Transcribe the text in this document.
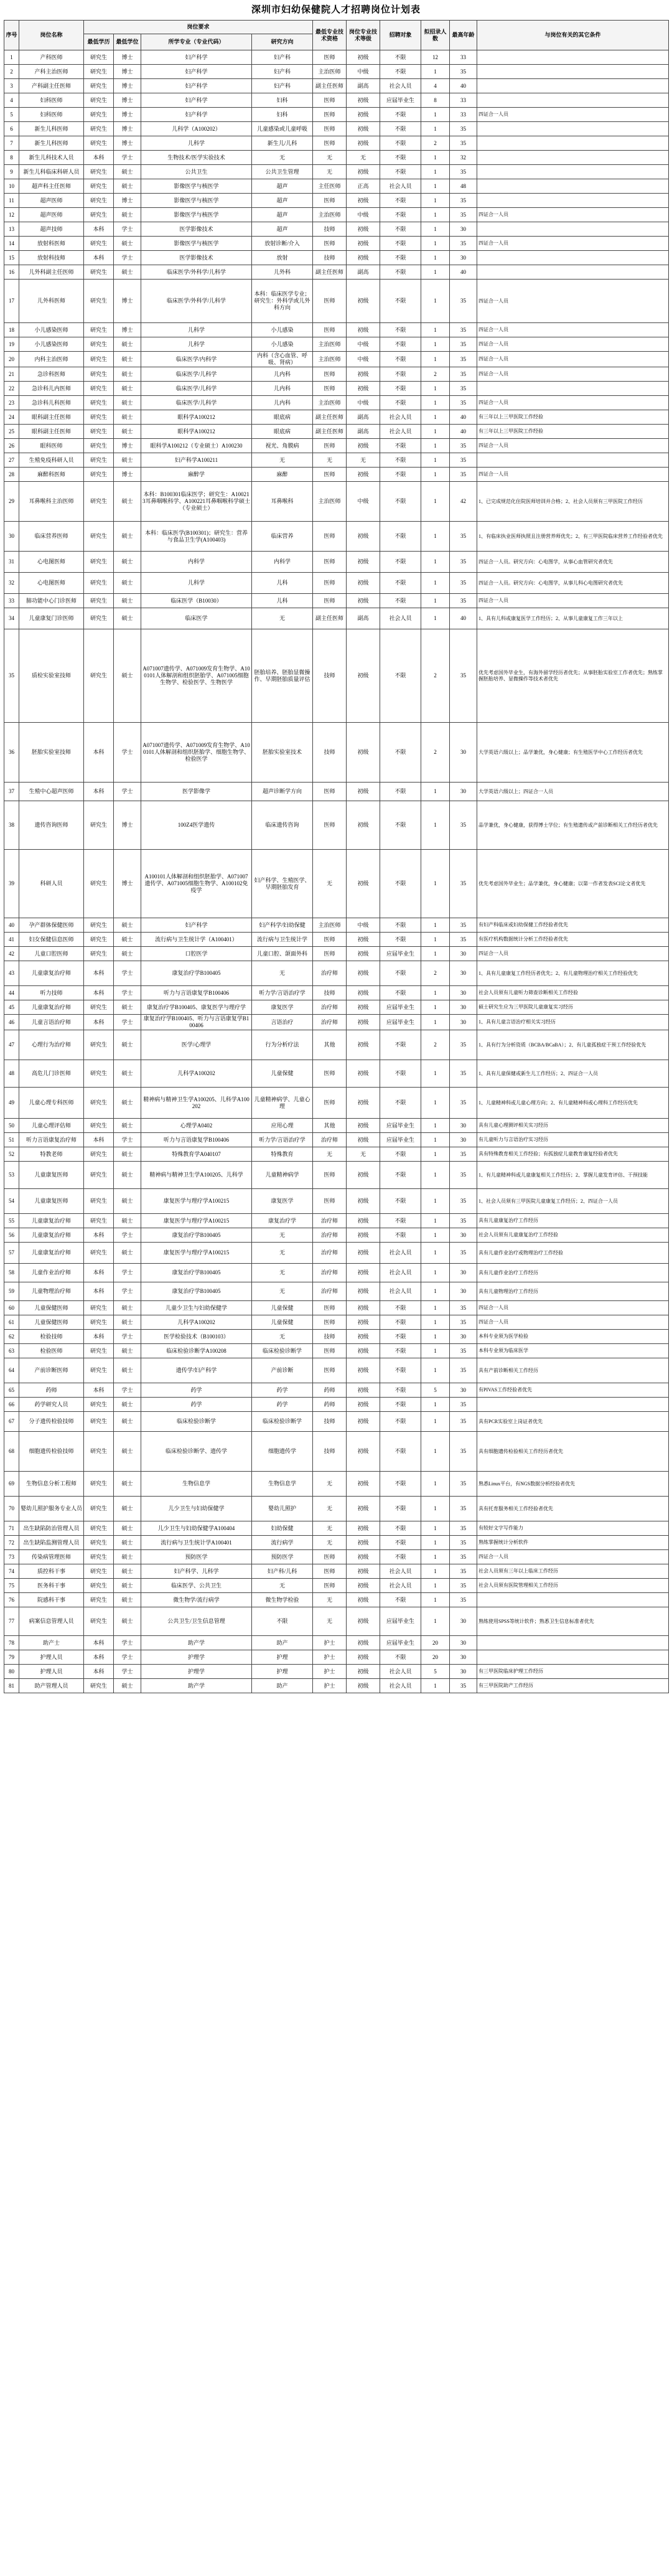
深圳市妇幼保健院人才招聘岗位计划表
序号	岗位名称	岗位要求				最低专业技术资格	岗位专业技术等级	招聘对象	拟招录人数	最高年龄	与岗位有关的其它条件
		最低学历	最低学位	所学专业（专业代码）	研究方向						
1	产科医师	研究生	博士	妇产科学	妇产科	医师	初级	不限	12	33	
2	产科主治医师	研究生	博士	妇产科学	妇产科	主治医师	中级	不限	1	35	
3	产科副主任医师	研究生	博士	妇产科学	妇产科	副主任医师	副高	社会人员	4	40	
4	妇科医师	研究生	博士	妇产科学	妇科	医师	初级	应届毕业生	8	33	
5	妇科医师	研究生	博士	妇产科学	妇科	医师	初级	不限	1	33	四证合一人员
6	新生儿科医师	研究生	博士	儿科学（A100202）	儿童感染或儿童呼吸	医师	初级	不限	1	35	
7	新生儿科医师	研究生	博士	儿科学	新生儿/儿科	医师	初级	不限	2	35	
8	新生儿科技术人员	本科	学士	生物技术/医学实验技术	无	无	无	不限	1	32	
9	新生儿科临床科研人员	研究生	硕士	公共卫生	公共卫生管理	无	初级	不限	1	35	
10	超声科主任医师	研究生	硕士	影像医学与核医学	超声	主任医师	正高	社会人员	1	48	
11	超声医师	研究生	博士	影像医学与核医学	超声	医师	初级	不限	1	35	
12	超声医师	研究生	硕士	影像医学与核医学	超声	主治医师	中级	不限	1	35	四证合一人员
13	超声技师	本科	学士	医学影像技术	超声	技师	初级	不限	1	30	
14	放射科医师	研究生	硕士	影像医学与核医学	放射诊断/介入	医师	初级	不限	1	35	四证合一人员
15	放射科技师	本科	学士	医学影像技术	放射	技师	初级	不限	1	30	
16	儿外科副主任医师	研究生	硕士	临床医学/外科学/儿科学	儿外科	副主任医师	副高	不限	1	40	
17	儿外科医师	研究生	博士	临床医学/外科学/儿科学	本科：临床医学专业；研究生：外科学或儿外科方向	医师	初级	不限	1	35	四证合一人员
18	小儿感染医师	研究生	博士	儿科学	小儿感染	医师	初级	不限	1	35	四证合一人员
19	小儿感染医师	研究生	硕士	儿科学	小儿感染	主治医师	中级	不限	1	35	四证合一人员
20	内科主治医师	研究生	硕士	临床医学/内科学	内科（含心血管、呼吸、肾病）	主治医师	中级	不限	1	35	四证合一人员
21	急诊科医师	研究生	硕士	临床医学/儿科学	儿内科	医师	初级	不限	2	35	四证合一人员
22	急诊科儿内医师	研究生	硕士	临床医学/儿科学	儿内科	医师	初级	不限	1	35	
23	急诊科儿科医师	研究生	硕士	临床医学/儿科学	儿内科	主治医师	中级	不限	1	35	四证合一人员
24	眼科副主任医师	研究生	硕士	眼科学A100212	眼底病	副主任医师	副高	社会人员	1	40	有三年以上三甲医院工作经验
25	眼科副主任医师	研究生	硕士	眼科学A100212	眼底病	副主任医师	副高	社会人员	1	40	有三年以上三甲医院工作经验
26	眼科医师	研究生	博士	眼科学A100212（专业硕士）A100230	视光、角膜病	医师	初级	不限	1	35	四证合一人员
27	生殖免疫科研人员	研究生	硕士	妇产科学A100211	无	无	无	不限	1	35	
28	麻醉科医师	研究生	博士	麻醉学	麻醉	医师	初级	不限	1	35	四证合一人员
29	耳鼻喉科主治医师	研究生	硕士	本科：B100301临床医学；研究生：A100213耳鼻咽喉科学、A100221耳鼻咽喉科学硕士（专业硕士）	耳鼻喉科	主治医师	中级	不限	1	42	1、已完成规范化住院医师培训并合格；2、社会人员须有三甲医院工作经历
30	临床营养医师	研究生	硕士	本科：临床医学(B100301)；研究生：营养与食品卫生学(A100403)	临床营养	医师	初级	不限	1	35	1、有临床执业医师执照且注册营养师优先；2、有三甲医院临床营养工作经验者优先
31	心电图医师	研究生	硕士	内科学	内科学	医师	初级	不限	1	35	四证合一人员。研究方向：心电图学，从事心血管研究者优先
32	心电图医师	研究生	硕士	儿科学	儿科	医师	初级	不限	1	35	四证合一人员。研究方向：心电图学，从事儿科心电图研究者优先
33	肺功能中心门诊医师	研究生	硕士	临床医学（B10030）	儿科	医师	初级	不限	1	35	四证合一人员
34	儿童康复门诊医师	研究生	硕士	临床医学	无	副主任医师	副高	社会人员	1	40	1、具有儿科或康复医学工作经历；2、从事儿童康复工作三年以上
35	质检实验室技师	研究生	硕士	A071007遗传学、A071009发育生物学、A100101人体解剖和组织胚胎学、A071005细胞生物学、检验医学、生物医学	胚胎培养、胚胎显微操作、早期胚胎质量评估	技师	初级	不限	2	35	优先考虑国外毕业生，有海外留学经历者优先；从事胚胎实验室工作者优先；熟练掌握胚胎培养、显微操作等技术者优先
36	胚胎实验室技师	本科	学士	A071007遗传学、A071009发育生物学、A100101人体解剖和组织胚胎学、细胞生物学、检验医学	胚胎实验室技术	技师	初级	不限	2	30	大学英语六级以上；品学兼优，身心健康；有生殖医学中心工作经历者优先
37	生殖中心超声医师	本科	学士	医学影像学	超声诊断学方向	医师	初级	不限	1	30	大学英语六级以上；四证合一人员
38	遗传咨询医师	研究生	博士	100Z4医学遗传	临床遗传咨询	医师	初级	不限	1	35	品学兼优，身心健康，获得博士学位；有生殖遗传或产前诊断相关工作经历者优先
39	科研人员	研究生	博士	A100101人体解剖和组织胚胎学、A071007遗传学、A071005细胞生物学、A100102免疫学	妇产科学、生殖医学、早期胚胎发育	无	初级	不限	1	35	优先考虑国外毕业生；品学兼优，身心健康；以第一作者发表SCI论文者优先
40	孕产群体保健医师	研究生	硕士	妇产科学	妇产科学/妇幼保健	主治医师	中级	不限	1	35	有妇产科临床或妇幼保健工作经验者优先
41	妇女保健信息医师	研究生	硕士	流行病与卫生统计学（A100401）	流行病与卫生统计学	医师	初级	不限	1	35	有医疗机构数据统计分析工作经验者优先
42	儿童口腔医师	研究生	硕士	口腔医学	儿童口腔、颌面外科	医师	初级	应届毕业生	1	30	四证合一人员
43	儿童康复治疗师	本科	学士	康复治疗学B100405	无	治疗师	初级	不限	2	30	1、具有儿童康复工作经历者优先；2、有儿童物理治疗相关工作经验优先
44	听力技师	本科	学士	听力与言语康复学B100406	听力学/言语治疗学	技师	初级	不限	1	30	社会人员须有儿童听力筛查诊断相关工作经验
45	儿童康复治疗师	研究生	硕士	康复治疗学B100405、康复医学与理疗学	康复医学	治疗师	初级	应届毕业生	1	30	硕士研究生应为三甲医院儿童康复实习经历
46	儿童言语治疗师	本科	学士	康复治疗学B100405、听力与言语康复学B100406	言语治疗	治疗师	初级	应届毕业生	1	30	1、具有儿童言语治疗相关实习经历
47	心理行为治疗师	研究生	硕士	医学/心理学	行为分析疗法	其他	初级	不限	2	35	1、具有行为分析资质（BCBA/BCaBA）；2、有儿童孤独症干预工作经验优先
48	高危儿门诊医师	研究生	硕士	儿科学A100202	儿童保健	医师	初级	不限	1	35	1、具有儿童保健或新生儿工作经历；2、四证合一人员
49	儿童心理专科医师	研究生	硕士	精神病与精神卫生学A100205、儿科学A100202	儿童精神病学、儿童心理	医师	初级	不限	1	35	1、儿童精神科或儿童心理方向；2、有儿童精神科或心理科工作经历优先
50	儿童心理评估师	研究生	硕士	心理学A0402	应用心理	其他	初级	应届毕业生	1	30	具有儿童心理测评相关实习经历
51	听力言语康复治疗师	本科	学士	听力与言语康复学B100406	听力学/言语治疗学	治疗师	初级	应届毕业生	1	30	有儿童听力与言语治疗实习经历
52	特教老师	研究生	硕士	特殊教育学A040107	特殊教育	无	无	不限	1	35	具有特殊教育相关工作经验；有孤独症儿童教育康复经验者优先
53	儿童康复医师	研究生	硕士	精神病与精神卫生学A100205、儿科学	儿童精神病学	医师	初级	不限	1	35	1、有儿童精神科或儿童康复相关工作经历；2、掌握儿童发育评估、干预技能
54	儿童康复医师	研究生	硕士	康复医学与理疗学A100215	康复医学	医师	初级	不限	1	35	1、社会人员须有三甲医院儿童康复工作经历；2、四证合一人员
55	儿童康复治疗师	研究生	硕士	康复医学与理疗学A100215	康复治疗学	治疗师	初级	不限	1	35	具有儿童康复治疗工作经历
56	儿童康复治疗师	本科	学士	康复治疗学B100405	无	治疗师	初级	不限	1	30	社会人员须有儿童康复治疗工作经验
57	儿童康复治疗师	研究生	硕士	康复医学与理疗学A100215	无	治疗师	初级	社会人员	1	35	具有儿童作业治疗或物理治疗工作经验
58	儿童作业治疗师	本科	学士	康复治疗学B100405	无	治疗师	初级	社会人员	1	30	具有儿童作业治疗工作经历
59	儿童物理治疗师	本科	学士	康复治疗学B100405	无	治疗师	初级	社会人员	1	30	具有儿童物理治疗工作经历
60	儿童保健医师	研究生	硕士	儿童少卫生与妇幼保健学	儿童保健	医师	初级	不限	1	35	四证合一人员
61	儿童保健医师	研究生	硕士	儿科学A100202	儿童保健	医师	初级	不限	1	35	四证合一人员
62	检验技师	本科	学士	医学检验技术（B100103）	无	技师	初级	不限	1	30	本科专业须为医学检验
63	检验医师	研究生	硕士	临床检验诊断学A100208	临床检验诊断学	医师	初级	不限	1	35	本科专业须为临床医学
64	产前诊断医师	研究生	硕士	遗传学/妇产科学	产前诊断	医师	初级	不限	1	35	具有产前诊断相关工作经历
65	药师	本科	学士	药学	药学	药师	初级	不限	5	30	有PIVAS工作经验者优先
66	药学研究人员	研究生	硕士	药学	药学	药师	初级	不限	1	35	
67	分子遗传检验技师	研究生	硕士	临床检验诊断学	临床检验诊断学	技师	初级	不限	1	35	具有PCR实验室上岗证者优先
68	细胞遗传检验技师	研究生	硕士	临床检验诊断学、遗传学	细胞遗传学	技师	初级	不限	1	35	具有细胞遗传检验相关工作经历者优先
69	生物信息分析工程师	研究生	硕士	生物信息学	生物信息学	无	初级	不限	1	35	熟悉Linux平台，有NGS数据分析经验者优先
70	婴幼儿照护服务专业人员	研究生	硕士	儿少卫生与妇幼保健学	婴幼儿照护	无	初级	不限	1	35	具有托育服务相关工作经验者优先
71	出生缺陷防治管理人员	研究生	硕士	儿少卫生与妇幼保健学A100404	妇幼保健	无	初级	不限	1	35	有较好文字写作能力
72	出生缺陷监测管理人员	研究生	硕士	流行病与卫生统计学A100401	流行病学	无	初级	不限	1	35	熟练掌握统计分析软件
73	传染病管理医师	研究生	硕士	预防医学	预防医学	医师	初级	不限	1	35	四证合一人员
74	质控科干事	研究生	硕士	妇产科学、儿科学	妇产科/儿科	医师	初级	社会人员	1	35	社会人员须有三年以上临床工作经历
75	医务科干事	研究生	硕士	临床医学、公共卫生	无	医师	初级	社会人员	1	35	社会人员须有医院管理相关工作经历
76	院感科干事	研究生	硕士	微生物学/流行病学	微生物学检验	无	初级	不限	1	35	
77	病案信息管理人员	研究生	硕士	公共卫生/卫生信息管理	不限	无	初级	应届毕业生	1	30	熟练使用SPSS等统计软件；熟悉卫生信息标准者优先
78	助产士	本科	学士	助产学	助产	护士	初级	应届毕业生	20	30	
79	护理人员	本科	学士	护理学	护理	护士	初级	不限	20	30	
80	护理人员	本科	学士	护理学	护理	护士	初级	社会人员	5	30	有三甲医院临床护理工作经历
81	助产管理人员	研究生	硕士	助产学	助产	护士	初级	社会人员	1	35	有三甲医院助产工作经历
